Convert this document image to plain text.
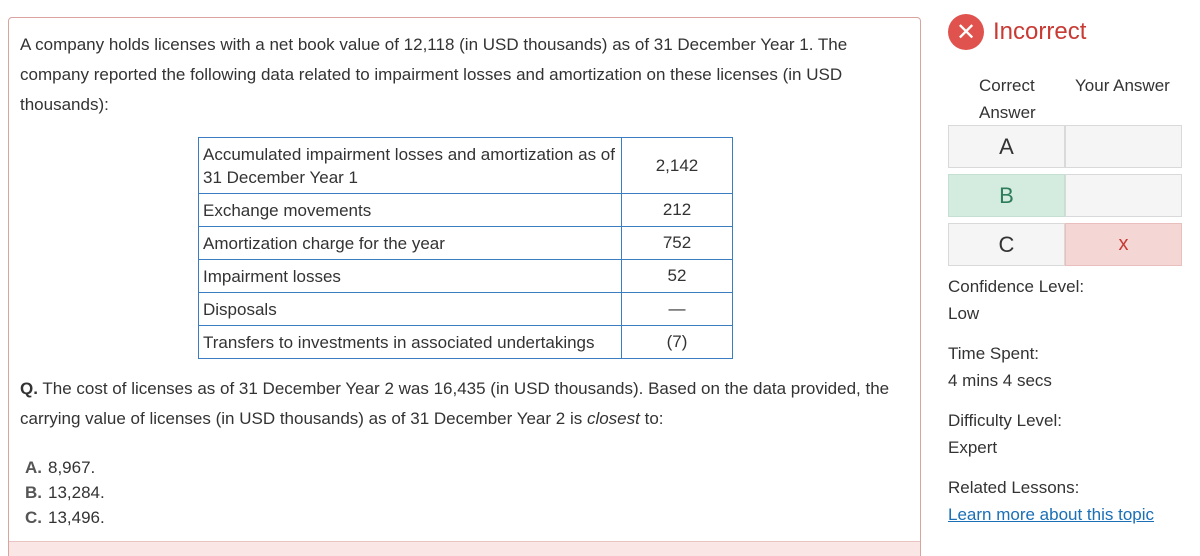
A company holds licenses with a net book value of 12,118 (in USD thousands) as of 31 December Year 1. The company reported the following data related to impairment losses and amortization on these licenses (in USD thousands):
Accumulated impairment losses and amortization as of 31 December Year 1	2,142
Exchange movements	212
Amortization charge for the year	752
Impairment losses	52
Disposals	—
Transfers to investments in associated undertakings	(7)
Q. The cost of licenses as of 31 December Year 2 was 16,435 (in USD thousands). Based on the data provided, the carrying value of licenses (in USD thousands) as of 31 December Year 2 is closest to:
A. 8,967.
B. 13,284.
C. 13,496.
✕ Incorrect
Correct Answer
Your Answer
A
B
C	x
Confidence Level:
Low
Time Spent:
4 mins 4 secs
Difficulty Level:
Expert
Related Lessons:
Learn more about this topic
